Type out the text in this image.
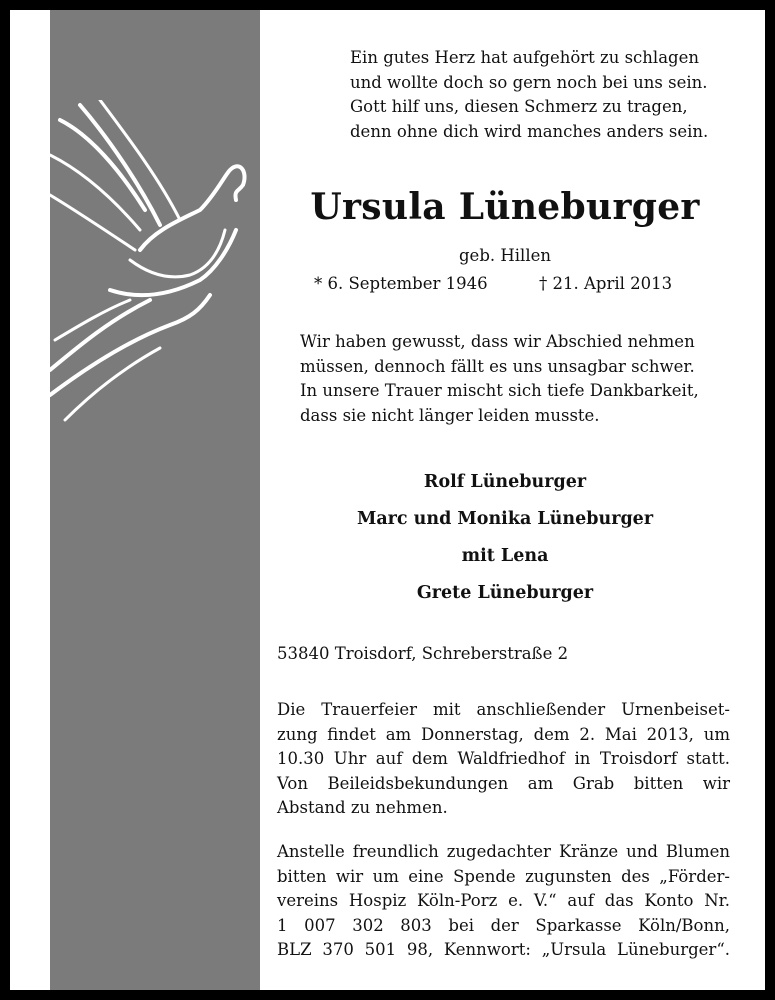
Ein gutes Herz hat aufgehört zu schlagen
und wollte doch so gern noch bei uns sein.
Gott hilf uns, diesen Schmerz zu tragen,
denn ohne dich wird manches anders sein.
Ursula Lüneburger
geb. Hillen
* 6. September 1946	† 21. April 2013
Wir haben gewusst, dass wir Abschied nehmen
müssen, dennoch fällt es uns unsagbar schwer.
In unsere Trauer mischt sich tiefe Dankbarkeit,
dass sie nicht länger leiden musste.
Rolf Lüneburger
Marc und Monika Lüneburger
mit Lena
Grete Lüneburger
53840 Troisdorf, Schreberstraße 2
Die Trauerfeier mit anschließender Urnenbeiset-
zung findet am Donnerstag, dem 2. Mai 2013, um
10.30 Uhr auf dem Waldfriedhof in Troisdorf statt.
Von Beileidsbekundungen am Grab bitten wir
Abstand zu nehmen.
Anstelle freundlich zugedachter Kränze und Blumen
bitten wir um eine Spende zugunsten des „Förder-
vereins Hospiz Köln-Porz e. V.“ auf das Konto Nr.
1 007 302 803 bei der Sparkasse Köln/Bonn,
BLZ 370 501 98, Kennwort: „Ursula Lüneburger“.
